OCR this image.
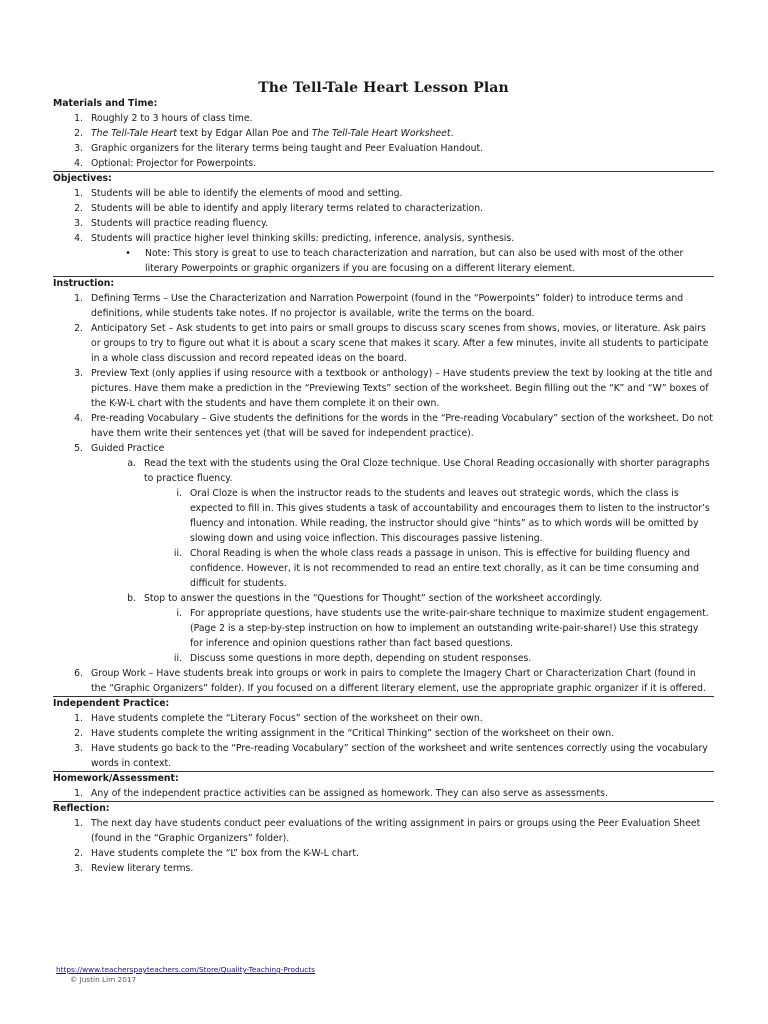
The Tell-Tale Heart Lesson Plan
Materials and Time:
1. Roughly 2 to 3 hours of class time.
2. The Tell-Tale Heart text by Edgar Allan Poe and The Tell-Tale Heart Worksheet.
3. Graphic organizers for the literary terms being taught and Peer Evaluation Handout.
4. Optional: Projector for Powerpoints.
Objectives:
1. Students will be able to identify the elements of mood and setting.
2. Students will be able to identify and apply literary terms related to characterization.
3. Students will practice reading fluency.
4. Students will practice higher level thinking skills: predicting, inference, analysis, synthesis.
•	Note: This story is great to use to teach characterization and narration, but can also be used with most of the other literary Powerpoints or graphic organizers if you are focusing on a different literary element.
Instruction:
1. Defining Terms – Use the Characterization and Narration Powerpoint (found in the “Powerpoints” folder) to introduce terms and definitions, while students take notes. If no projector is available, write the terms on the board.
2. Anticipatory Set – Ask students to get into pairs or small groups to discuss scary scenes from shows, movies, or literature. Ask pairs or groups to try to figure out what it is about a scary scene that makes it scary. After a few minutes, invite all students to participate in a whole class discussion and record repeated ideas on the board.
3. Preview Text (only applies if using resource with a textbook or anthology) – Have students preview the text by looking at the title and pictures. Have them make a prediction in the “Previewing Texts” section of the worksheet. Begin filling out the “K” and “W” boxes of the K-W-L chart with the students and have them complete it on their own.
4. Pre-reading Vocabulary – Give students the definitions for the words in the “Pre-reading Vocabulary” section of the worksheet. Do not have them write their sentences yet (that will be saved for independent practice).
5. Guided Practice
a. Read the text with the students using the Oral Cloze technique. Use Choral Reading occasionally with shorter paragraphs to practice fluency.
i. Oral Cloze is when the instructor reads to the students and leaves out strategic words, which the class is expected to fill in. This gives students a task of accountability and encourages them to listen to the instructor’s fluency and intonation. While reading, the instructor should give “hints” as to which words will be omitted by slowing down and using voice inflection. This discourages passive listening.
ii. Choral Reading is when the whole class reads a passage in unison. This is effective for building fluency and confidence. However, it is not recommended to read an entire text chorally, as it can be time consuming and difficult for students.
b. Stop to answer the questions in the “Questions for Thought” section of the worksheet accordingly.
i. For appropriate questions, have students use the write-pair-share technique to maximize student engagement. (Page 2 is a step-by-step instruction on how to implement an outstanding write-pair-share!) Use this strategy for inference and opinion questions rather than fact based questions.
ii. Discuss some questions in more depth, depending on student responses.
6. Group Work – Have students break into groups or work in pairs to complete the Imagery Chart or Characterization Chart (found in the “Graphic Organizers” folder). If you focused on a different literary element, use the appropriate graphic organizer if it is offered.
Independent Practice:
1. Have students complete the “Literary Focus” section of the worksheet on their own.
2. Have students complete the writing assignment in the “Critical Thinking” section of the worksheet on their own.
3. Have students go back to the “Pre-reading Vocabulary” section of the worksheet and write sentences correctly using the vocabulary words in context.
Homework/Assessment:
1. Any of the independent practice activities can be assigned as homework. They can also serve as assessments.
Reflection:
1. The next day have students conduct peer evaluations of the writing assignment in pairs or groups using the Peer Evaluation Sheet (found in the “Graphic Organizers” folder).
2. Have students complete the “L” box from the K-W-L chart.
3. Review literary terms.
https://www.teacherspayteachers.com/Store/Quality-Teaching-Products
© Justin Lim 2017
